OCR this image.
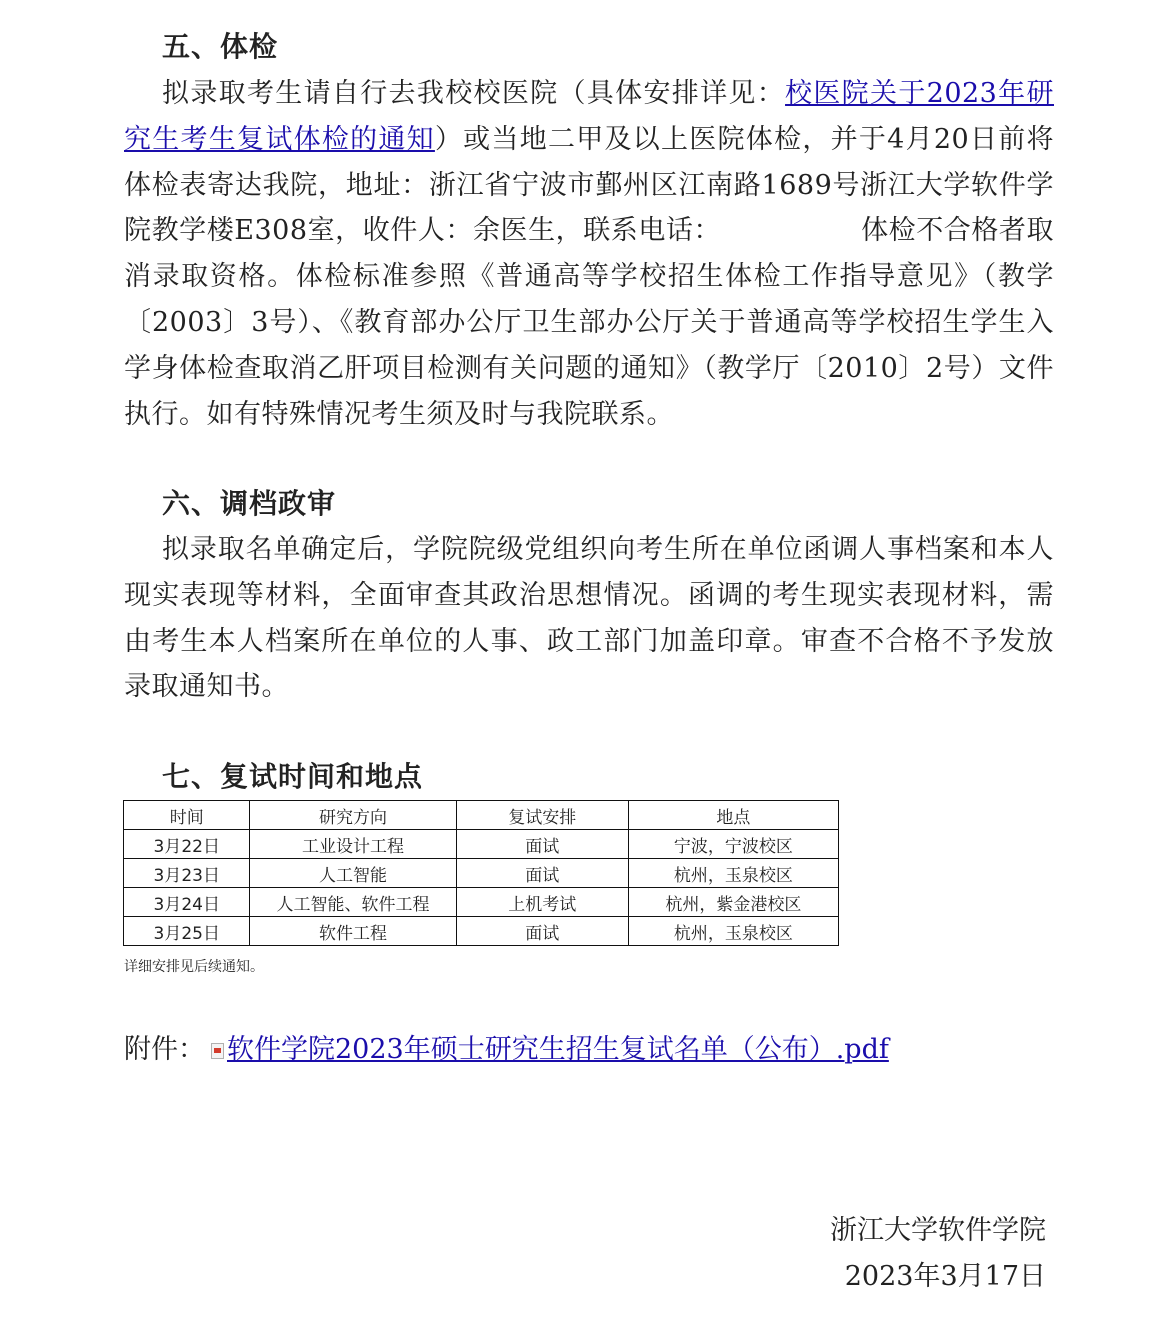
五、体检
拟录取考生请自行去我校校医院（具体安排详见：校医院关于2023年研究生考生复试体检的通知）或当地二甲及以上医院体检，并于4月20日前将体检表寄达我院，地址：浙江省宁波市鄞州区江南路1689号浙江大学软件学院教学楼E308室，收件人：余医生，联系电话：	体检不合格者取消录取资格。体检标准参照《普通高等学校招生体检工作指导意见》（教学〔2003〕3号）、《教育部办公厅卫生部办公厅关于普通高等学校招生学生入学身体检查取消乙肝项目检测有关问题的通知》（教学厅〔2010〕2号）文件执行。如有特殊情况考生须及时与我院联系。
六、调档政审
拟录取名单确定后，学院院级党组织向考生所在单位函调人事档案和本人现实表现等材料，全面审查其政治思想情况。函调的考生现实表现材料，需由考生本人档案所在单位的人事、政工部门加盖印章。审查不合格不予发放录取通知书。
七、复试时间和地点
时间	研究方向	复试安排	地点
3月22日	工业设计工程	面试	宁波，宁波校区
3月23日	人工智能	面试	杭州，玉泉校区
3月24日	人工智能、软件工程	上机考试	杭州，紫金港校区
3月25日	软件工程	面试	杭州，玉泉校区
详细安排见后续通知。
附件： 软件学院2023年硕士研究生招生复试名单（公布）.pdf
浙江大学软件学院
2023年3月17日
